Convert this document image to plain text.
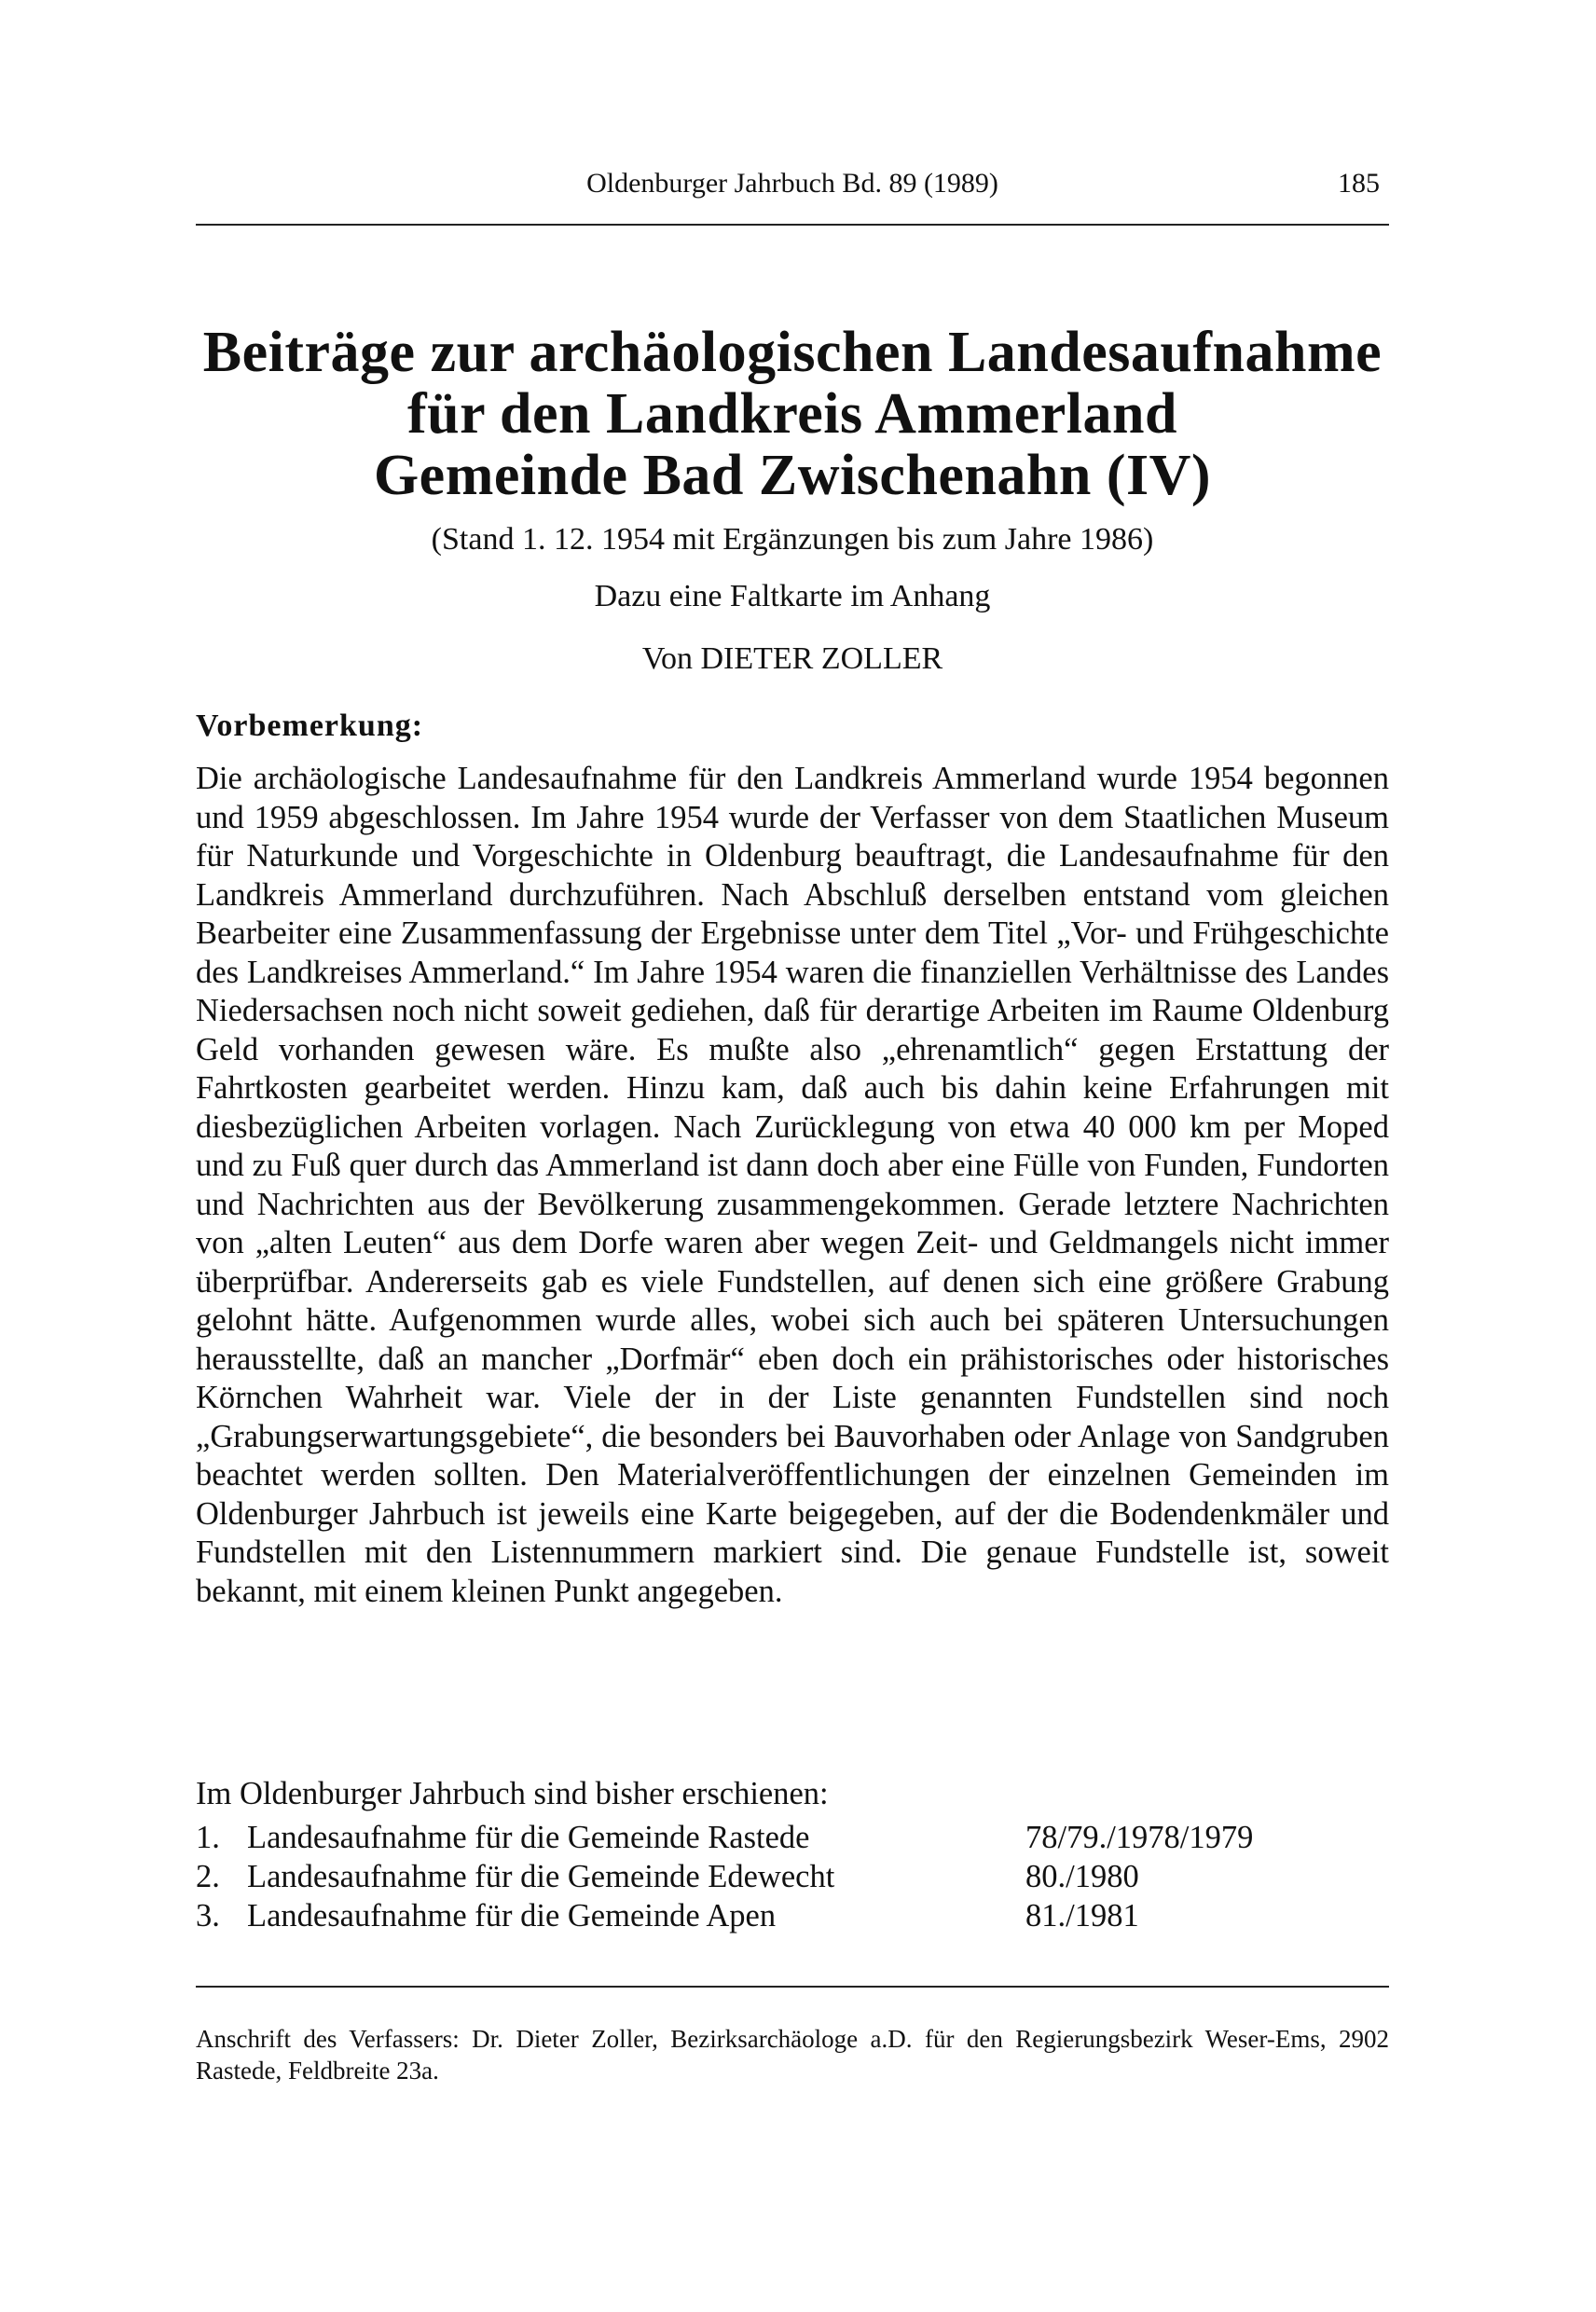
Oldenburger Jahrbuch Bd. 89 (1989)	185
Beiträge zur archäologischen Landesaufnahme
für den Landkreis Ammerland
Gemeinde Bad Zwischenahn (IV)
(Stand 1. 12. 1954 mit Ergänzungen bis zum Jahre 1986)
Dazu eine Faltkarte im Anhang
Von DIETER ZOLLER
Vorbemerkung:

Die archäologische Landesaufnahme für den Landkreis Ammerland wurde 1954 begonnen und 1959 abgeschlossen. Im Jahre 1954 wurde der Verfasser von dem Staatlichen Museum für Naturkunde und Vorgeschichte in Oldenburg beauftragt, die Landesaufnahme für den Landkreis Ammerland durchzuführen. Nach Abschluß derselben entstand vom gleichen Bearbeiter eine Zusammenfassung der Ergebnisse unter dem Titel „Vor- und Frühgeschichte des Landkreises Ammerland.“ Im Jahre 1954 waren die finanziellen Verhältnisse des Landes Niedersachsen noch nicht soweit gediehen, daß für derartige Arbeiten im Raume Oldenburg Geld vorhanden gewesen wäre. Es mußte also „ehrenamtlich“ gegen Erstattung der Fahrtkosten gearbeitet werden. Hinzu kam, daß auch bis dahin keine Erfahrungen mit diesbezüglichen Arbeiten vorlagen. Nach Zurücklegung von etwa 40 000 km per Moped und zu Fuß quer durch das Ammerland ist dann doch aber eine Fülle von Funden, Fundorten und Nachrichten aus der Bevölkerung zusammengekommen. Gerade letztere Nachrichten von „alten Leuten“ aus dem Dorfe waren aber wegen Zeit- und Geldmangels nicht immer überprüfbar. Andererseits gab es viele Fundstellen, auf denen sich eine größere Grabung gelohnt hätte. Aufgenommen wurde alles, wobei sich auch bei späteren Untersuchungen herausstellte, daß an mancher „Dorfmär“ eben doch ein prähistorisches oder historisches Körnchen Wahrheit war. Viele der in der Liste genannten Fundstellen sind noch „Grabungserwartungsgebiete“, die besonders bei Bauvorhaben oder Anlage von Sandgruben beachtet werden sollten. Den Materialveröffentlichungen der einzelnen Gemeinden im Oldenburger Jahrbuch ist jeweils eine Karte beigegeben, auf der die Bodendenkmäler und Fundstellen mit den Listennummern markiert sind. Die genaue Fundstelle ist, soweit bekannt, mit einem kleinen Punkt angegeben.

Im Oldenburger Jahrbuch sind bisher erschienen:
1. Landesaufnahme für die Gemeinde Rastede	78/79./1978/1979
2. Landesaufnahme für die Gemeinde Edewecht	80./1980
3. Landesaufnahme für die Gemeinde Apen	81./1981
Anschrift des Verfassers: Dr. Dieter Zoller, Bezirksarchäologe a.D. für den Regierungsbezirk Weser-Ems, 2902 Rastede, Feldbreite 23a.
